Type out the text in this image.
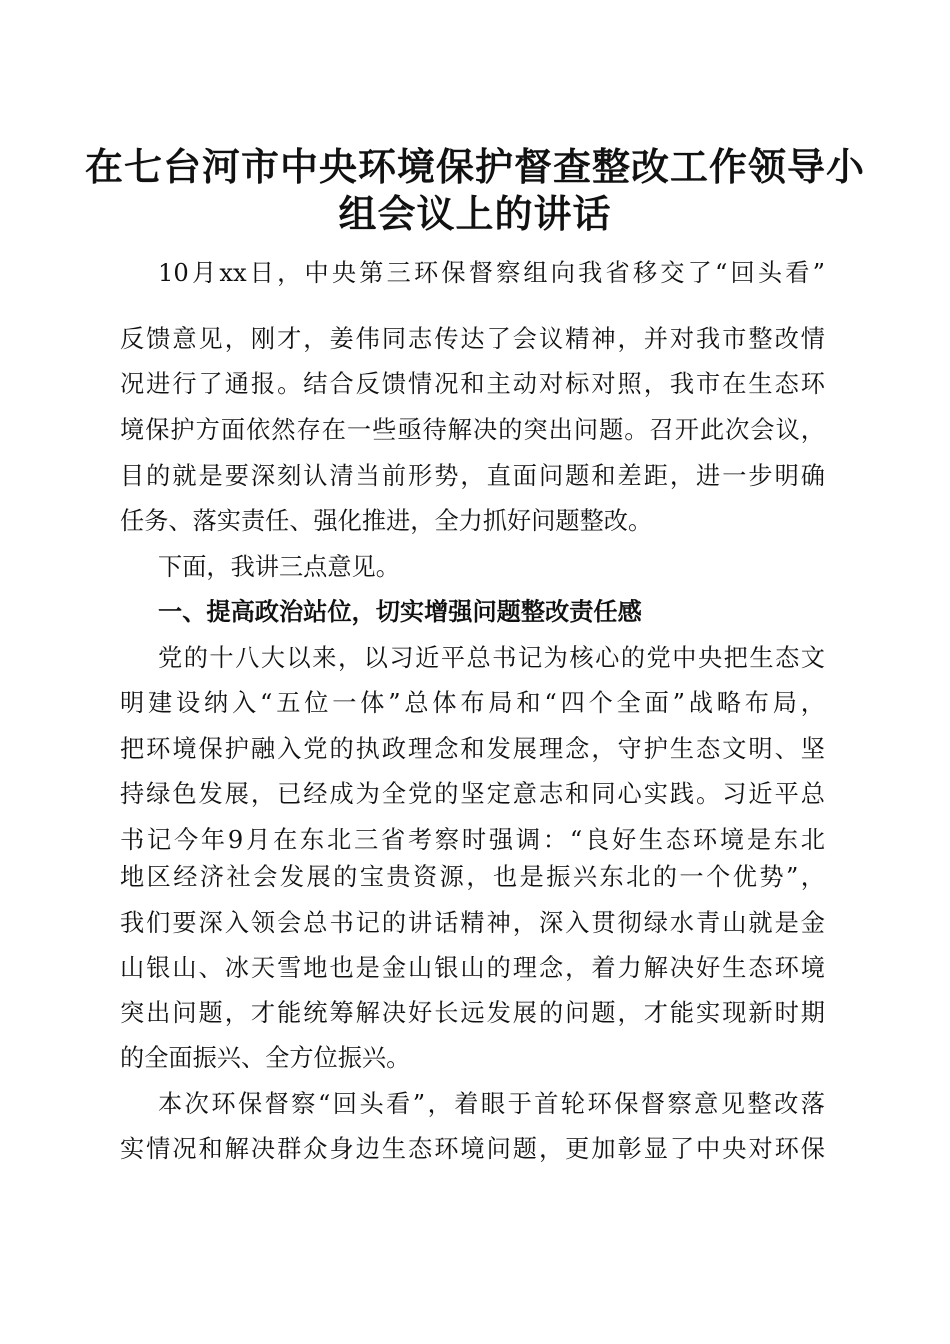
在七台河市中央环境保护督查整改工作领导小
组会议上的讲话
10月xx日，中央第三环保督察组向我省移交了“回头看”
反馈意见，刚才，姜伟同志传达了会议精神，并对我市整改情
况进行了通报。结合反馈情况和主动对标对照，我市在生态环
境保护方面依然存在一些亟待解决的突出问题。召开此次会议，
目的就是要深刻认清当前形势，直面问题和差距，进一步明确
任务、落实责任、强化推进，全力抓好问题整改。
下面，我讲三点意见。
一、提高政治站位，切实增强问题整改责任感
党的十八大以来，以习近平总书记为核心的党中央把生态文
明建设纳入“五位一体”总体布局和“四个全面”战略布局，
把环境保护融入党的执政理念和发展理念，守护生态文明、坚
持绿色发展，已经成为全党的坚定意志和同心实践。习近平总
书记今年9月在东北三省考察时强调：“良好生态环境是东北
地区经济社会发展的宝贵资源，也是振兴东北的一个优势”，
我们要深入领会总书记的讲话精神，深入贯彻绿水青山就是金
山银山、冰天雪地也是金山银山的理念，着力解决好生态环境
突出问题，才能统筹解决好长远发展的问题，才能实现新时期
的全面振兴、全方位振兴。
本次环保督察“回头看”，着眼于首轮环保督察意见整改落
实情况和解决群众身边生态环境问题，更加彰显了中央对环保
